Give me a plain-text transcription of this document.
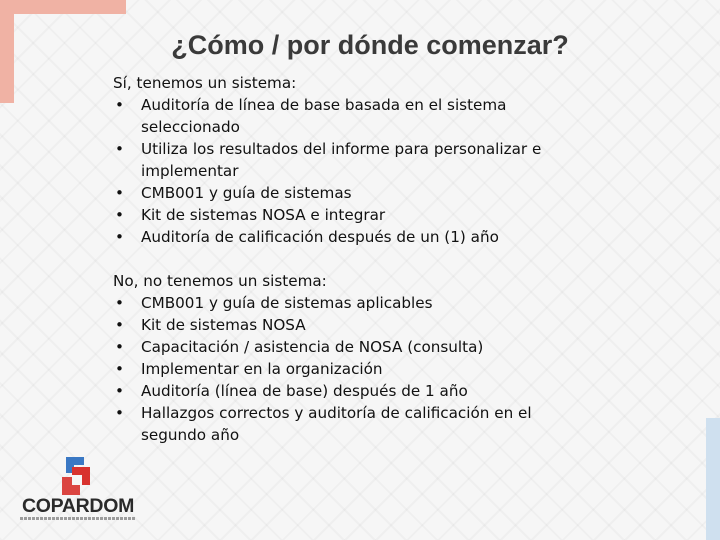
¿Cómo / por dónde comenzar?

Sí, tenemos un sistema:

• Auditoría de línea de base basada en el sistema seleccionado
• Utiliza los resultados del informe para personalizar e implementar
• CMB001 y guía de sistemas
• Kit de sistemas NOSA e integrar
• Auditoría de calificación después de un (1) año

No, no tenemos un sistema:

• CMB001 y guía de sistemas aplicables
• Kit de sistemas NOSA
• Capacitación / asistencia de NOSA (consulta)
• Implementar en la organización
• Auditoría (línea de base) después de 1 año
• Hallazgos correctos y auditoría de calificación en el segundo año
COPARDOM
